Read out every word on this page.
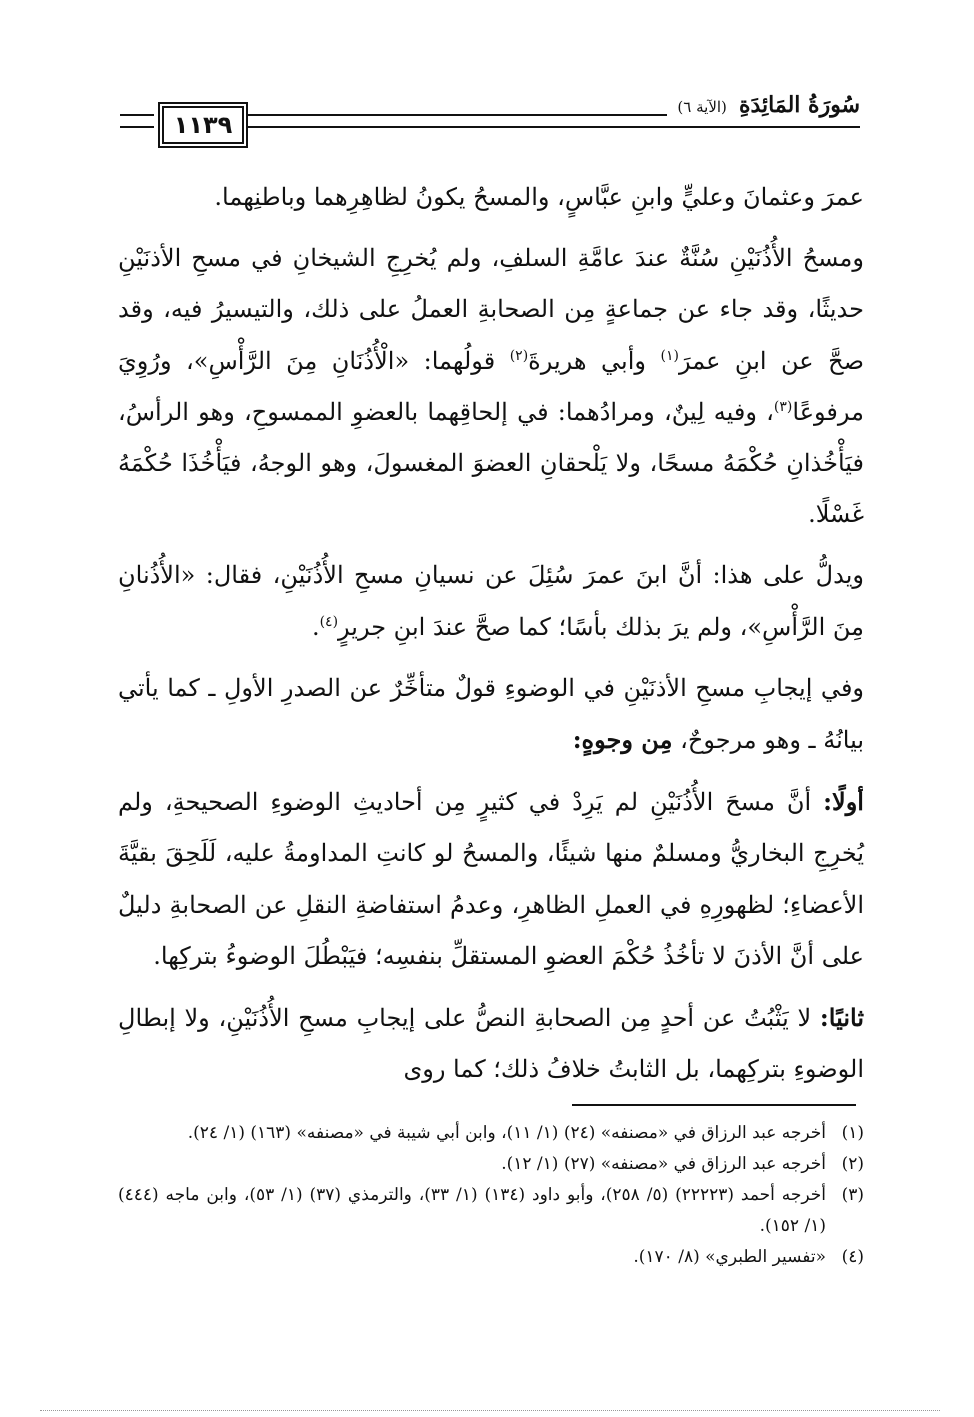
١١٣٩
سُورَةُ المَائِدَةِ (الآية ٦)

عمرَ وعثمانَ وعليٍّ وابنِ عبَّاسٍ، والمسحُ يكونُ لظاهِرِهما وباطنِهما.

ومسحُ الأُذُنَيْنِ سُنَّةٌ عندَ عامَّةِ السلفِ، ولم يُخرِجِ الشيخانِ في مسحِ الأذنَيْنِ حديثًا، وقد جاء عن جماعةٍ مِن الصحابةِ العملُ على ذلك، والتيسيرُ فيه، وقد صحَّ عن ابنِ عمرَ$^{(١)}$ وأبي هريرةَ$^{(٢)}$ قولُهما: «الْأُذُنَانِ مِنَ الرَّأْسِ»، ورُوِيَ مرفوعًا$^{(٣)}$، وفيه لِينٌ، ومرادُهما: في إلحاقِهما بالعضوِ الممسوحِ، وهو الرأسُ، فيَأْخُذانِ حُكْمَهُ مسحًا، ولا يَلْحقانِ العضوَ المغسولَ، وهو الوجهُ، فيَأْخُذَا حُكْمَهُ غَسْلًا.

ويدلُّ على هذا: أنَّ ابنَ عمرَ سُئِلَ عن نسيانِ مسحِ الأُذُنَيْنِ، فقال: «الأُذُنانِ مِنَ الرَّأْسِ»، ولم يرَ بذلك بأسًا؛ كما صحَّ عندَ ابنِ جريرٍ$^{(٤)}$.

وفي إيجابِ مسحِ الأذنَيْنِ في الوضوءِ قولٌ متأخِّرٌ عن الصدرِ الأولِ ـ كما يأتي بيانُهُ ـ وهو مرجوحٌ، مِن وجوهٍ:

أولًا: أنَّ مسحَ الأُذُنَيْنِ لم يَرِدْ في كثيرٍ مِن أحاديثِ الوضوءِ الصحيحةِ، ولم يُخرِجِ البخاريُّ ومسلمٌ منها شيئًا، والمسحُ لو كانتِ المداومةُ عليه، لَلَحِقَ بقيَّةَ الأعضاءِ؛ لظهورِهِ في العملِ الظاهرِ، وعدمُ استفاضةِ النقلِ عن الصحابةِ دليلٌ على أنَّ الأذنَ لا تأخُذُ حُكْمَ العضوِ المستقلِّ بنفسِه؛ فيَبْطُلَ الوضوءُ بتركِها.

ثانيًا: لا يَثْبُتُ عن أحدٍ مِن الصحابةِ النصُّ على إيجابِ مسحِ الأُذُنَيْنِ، ولا إبطالِ الوضوءِ بتركِهما، بل الثابتُ خلافُ ذلك؛ كما روى

(١)
أخرجه عبد الرزاق في «مصنفه» (٢٤) (١/ ١١)، وابن أبي شيبة في «مصنفه» (١٦٣) (١/ ٢٤).
(٢)
أخرجه عبد الرزاق في «مصنفه» (٢٧) (١/ ١٢).
(٣)
أخرجه أحمد (٢٢٢٢٣) (٥/ ٢٥٨)، وأبو داود (١٣٤) (١/ ٣٣)، والترمذي (٣٧) (١/ ٥٣)، وابن ماجه (٤٤٤) (١/ ١٥٢).
(٤)
«تفسير الطبري» (٨/ ١٧٠).
